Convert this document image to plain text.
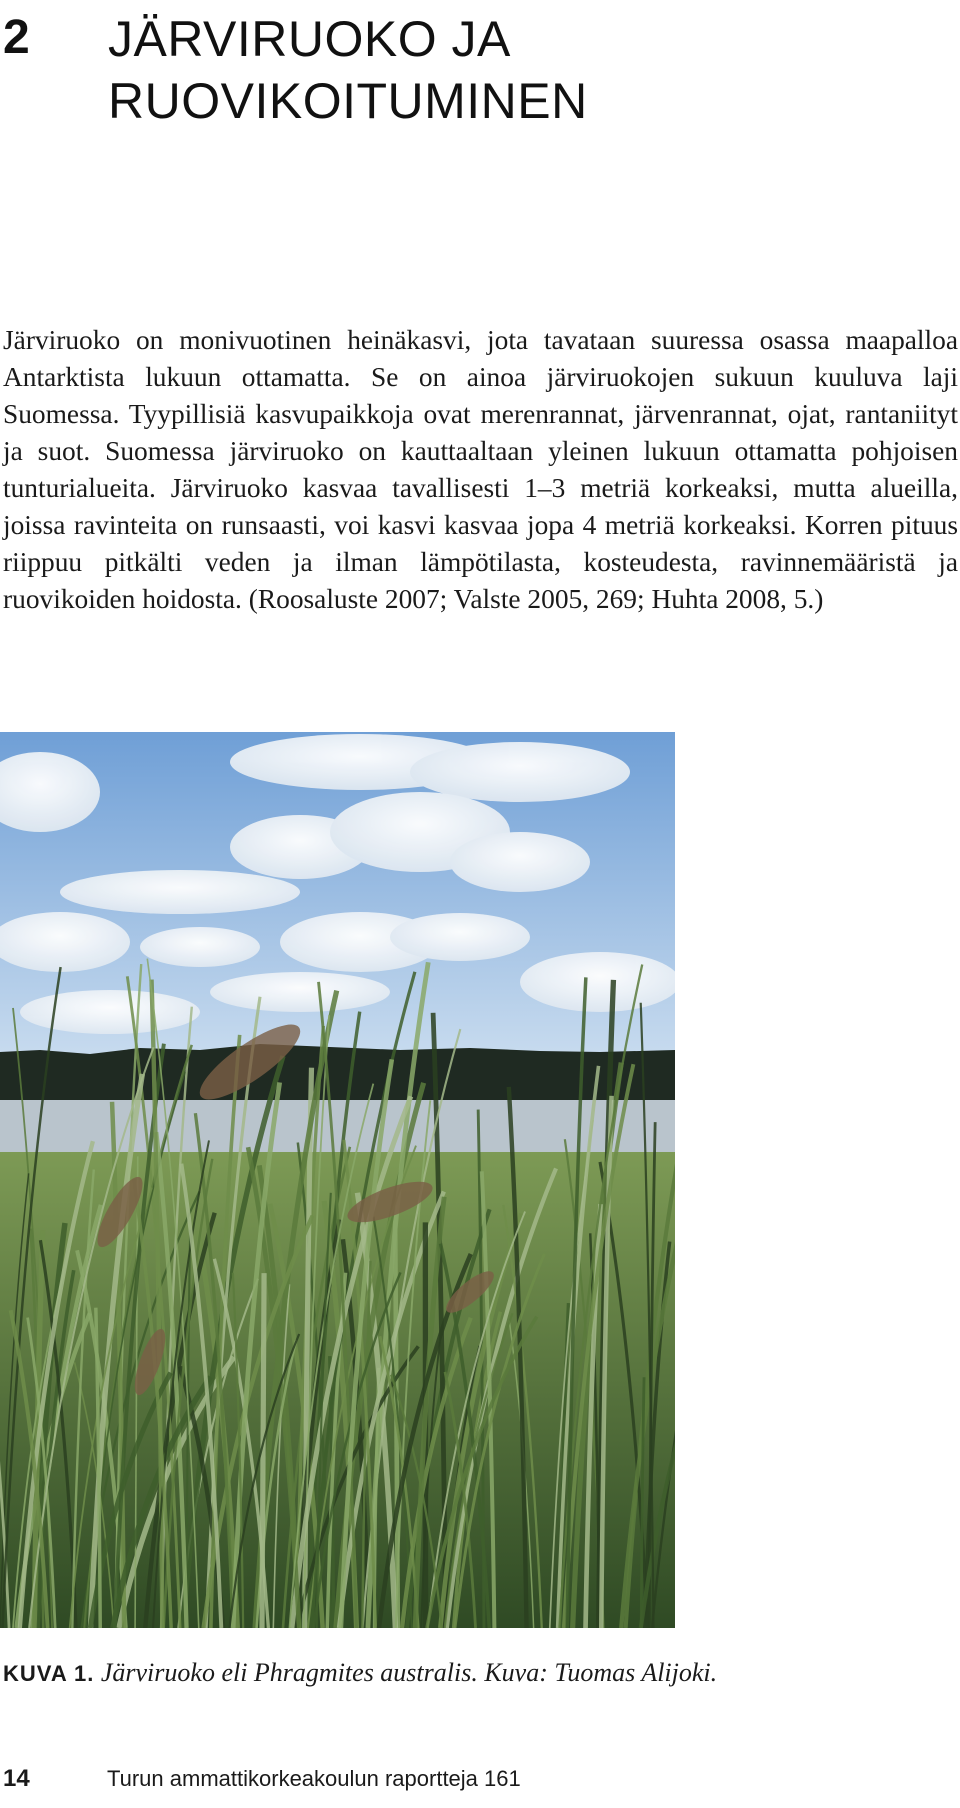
2 JÄRVIRUOKO JA
RUOVIKOITUMINEN

Järviruoko on monivuotinen heinäkasvi, jota tavataan suuressa osassa maapalloa Antarktista lukuun ottamatta. Se on ainoa järviruokojen sukuun kuuluva laji Suomessa. Tyypillisiä kasvupaikkoja ovat merenrannat, järvenrannat, ojat, rantaniityt ja suot. Suomessa järviruoko on kauttaaltaan yleinen lukuun ottamatta pohjoisen tunturialueita. Järviruoko kasvaa tavallisesti 1–3 metriä korkeaksi, mutta alueilla, joissa ravinteita on runsaasti, voi kasvi kasvaa jopa 4 metriä korkeaksi. Korren pituus riippuu pitkälti veden ja ilman lämpötilasta, kosteudesta, ravinnemääristä ja ruovikoiden hoidosta. (Roosaluste 2007; Valste 2005, 269; Huhta 2008, 5.)

KUVA 1. Järviruoko eli Phragmites australis. Kuva: Tuomas Alijoki.
14	Turun ammattikorkeakoulun raportteja 161
